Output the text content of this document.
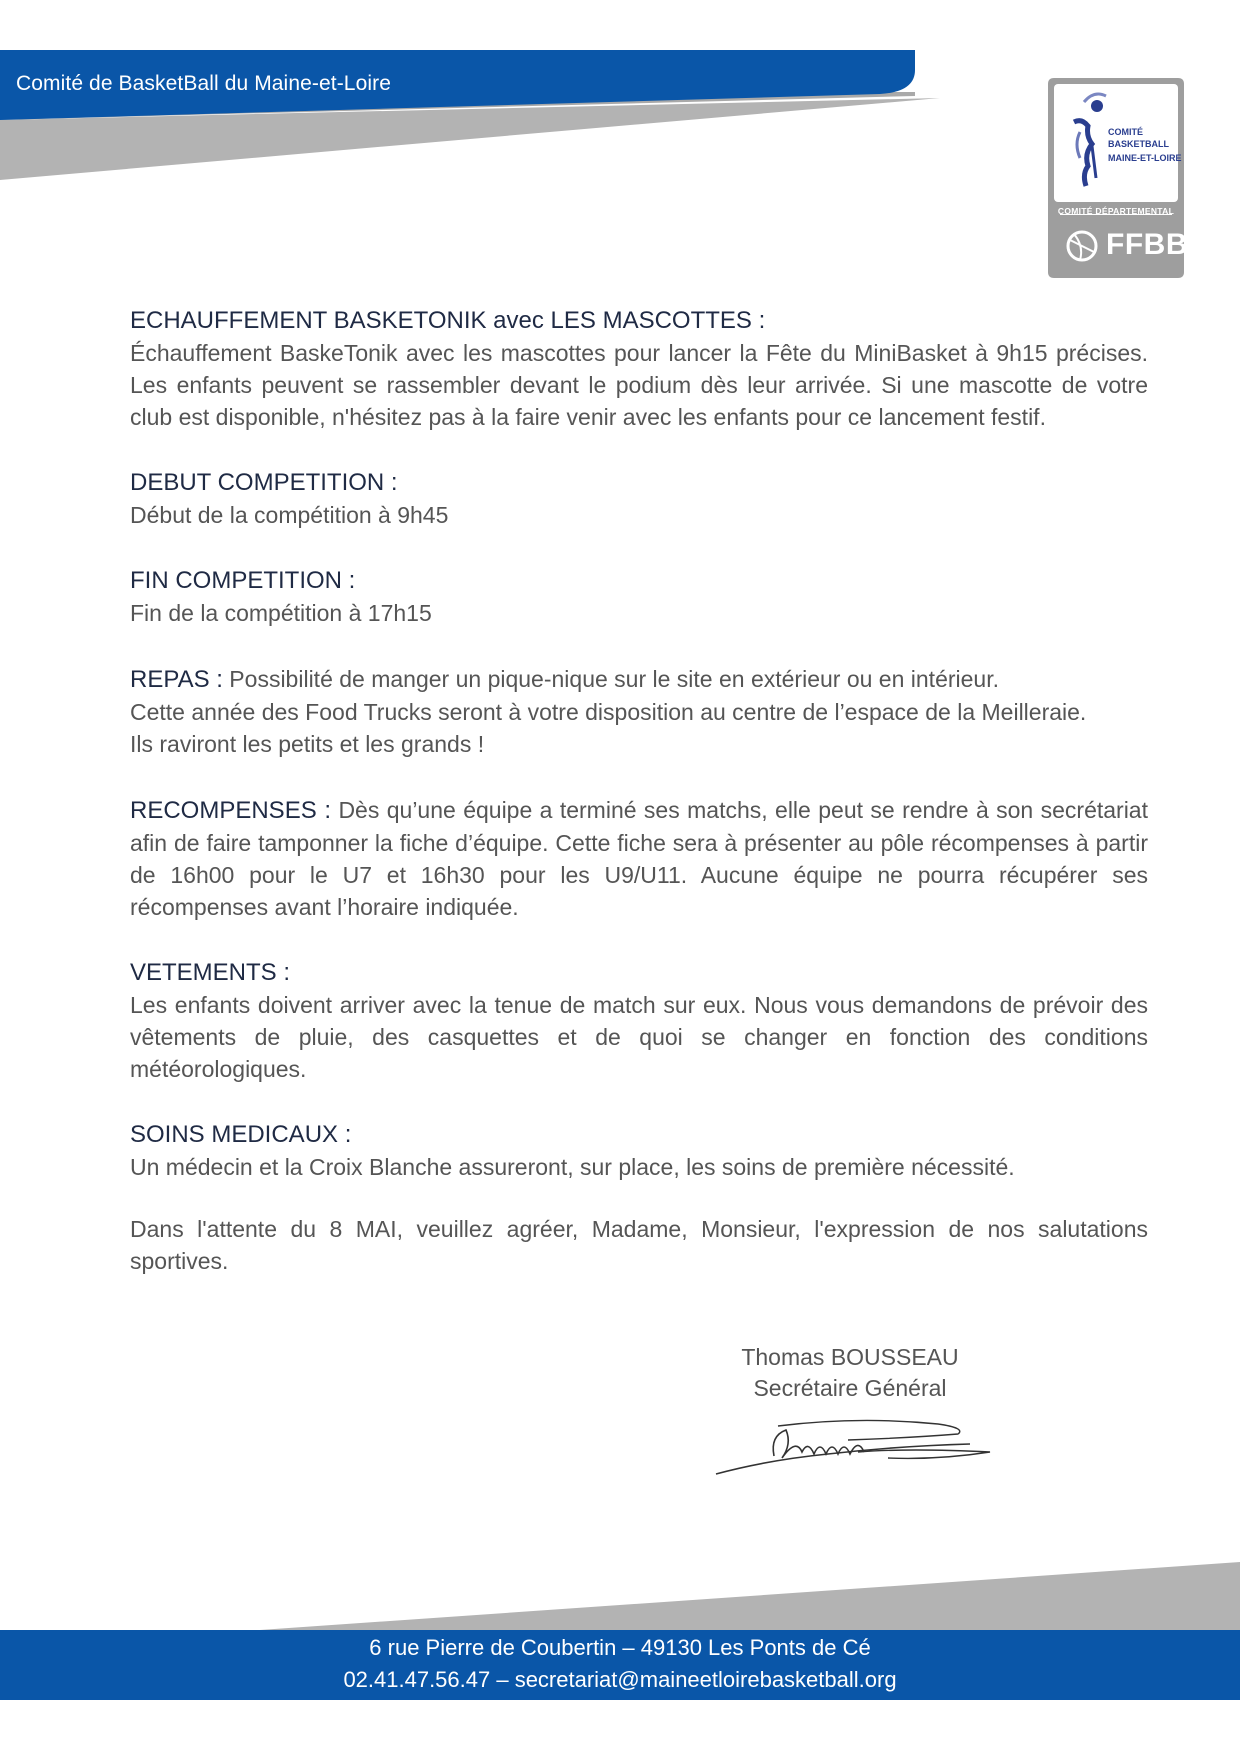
Comité de BasketBall du Maine-et-Loire
COMITÉ
BASKETBALL
MAINE-ET-LOIRE
COMITÉ DÉPARTEMENTAL
FFBB

ECHAUFFEMENT BASKETONIK avec LES MASCOTTES :

Échauffement BaskeTonik avec les mascottes pour lancer la Fête du MiniBasket à 9h15 précises. Les enfants peuvent se rassembler devant le podium dès leur arrivée. Si une mascotte de votre club est disponible, n'hésitez pas à la faire venir avec les enfants pour ce lancement festif.

DEBUT COMPETITION :

Début de la compétition à 9h45

FIN COMPETITION :

Fin de la compétition à 17h15

REPAS : Possibilité de manger un pique-nique sur le site en extérieur ou en intérieur.

Cette année des Food Trucks seront à votre disposition au centre de l’espace de la Meilleraie.

Ils raviront les petits et les grands !

RECOMPENSES : Dès qu’une équipe a terminé ses matchs, elle peut se rendre à son secrétariat afin de faire tamponner la fiche d’équipe. Cette fiche sera à présenter au pôle récompenses à partir de 16h00 pour le U7 et 16h30 pour les U9/U11. Aucune équipe ne pourra récupérer ses récompenses avant l’horaire indiquée.

VETEMENTS :

Les enfants doivent arriver avec la tenue de match sur eux. Nous vous demandons de prévoir des vêtements de pluie, des casquettes et de quoi se changer en fonction des conditions météorologiques.

SOINS MEDICAUX :

Un médecin et la Croix Blanche assureront, sur place, les soins de première nécessité.

Dans l'attente du 8 MAI, veuillez agréer, Madame, Monsieur, l'expression de nos salutations sportives.

Thomas BOUSSEAU
Secrétaire Général
6 rue Pierre de Coubertin – 49130 Les Ponts de Cé
02.41.47.56.47 – secretariat@maineetloirebasketball.org
